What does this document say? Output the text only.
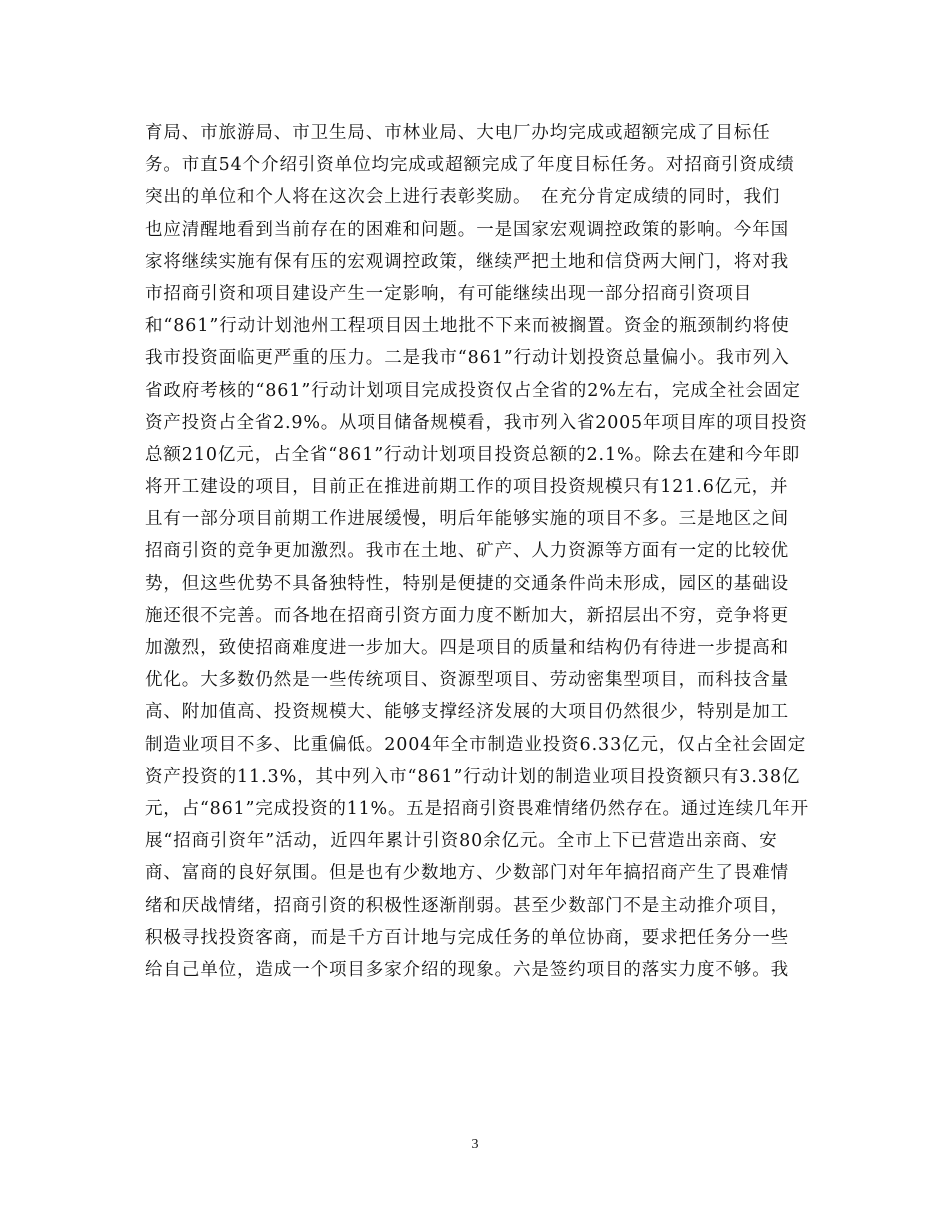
育局、市旅游局、市卫生局、市林业局、大电厂办均完成或超额完成了目标任
务。市直54个介绍引资单位均完成或超额完成了年度目标任务。对招商引资成绩
突出的单位和个人将在这次会上进行表彰奖励。　在充分肯定成绩的同时，我们
也应清醒地看到当前存在的困难和问题。一是国家宏观调控政策的影响。今年国
家将继续实施有保有压的宏观调控政策，继续严把土地和信贷两大闸门，将对我
市招商引资和项目建设产生一定影响，有可能继续出现一部分招商引资项目
和“861”行动计划池州工程项目因土地批不下来而被搁置。资金的瓶颈制约将使
我市投资面临更严重的压力。二是我市“861”行动计划投资总量偏小。我市列入
省政府考核的“861”行动计划项目完成投资仅占全省的2%左右，完成全社会固定
资产投资占全省2.9%。从项目储备规模看，我市列入省2005年项目库的项目投资
总额210亿元，占全省“861”行动计划项目投资总额的2.1%。除去在建和今年即
将开工建设的项目，目前正在推进前期工作的项目投资规模只有121.6亿元，并
且有一部分项目前期工作进展缓慢，明后年能够实施的项目不多。三是地区之间
招商引资的竞争更加激烈。我市在土地、矿产、人力资源等方面有一定的比较优
势，但这些优势不具备独特性，特别是便捷的交通条件尚未形成，园区的基础设
施还很不完善。而各地在招商引资方面力度不断加大，新招层出不穷，竞争将更
加激烈，致使招商难度进一步加大。四是项目的质量和结构仍有待进一步提高和
优化。大多数仍然是一些传统项目、资源型项目、劳动密集型项目，而科技含量
高、附加值高、投资规模大、能够支撑经济发展的大项目仍然很少，特别是加工
制造业项目不多、比重偏低。2004年全市制造业投资6.33亿元，仅占全社会固定
资产投资的11.3%，其中列入市“861”行动计划的制造业项目投资额只有3.38亿
元，占“861”完成投资的11%。五是招商引资畏难情绪仍然存在。通过连续几年开
展“招商引资年”活动，近四年累计引资80余亿元。全市上下已营造出亲商、安
商、富商的良好氛围。但是也有少数地方、少数部门对年年搞招商产生了畏难情
绪和厌战情绪，招商引资的积极性逐渐削弱。甚至少数部门不是主动推介项目，
积极寻找投资客商，而是千方百计地与完成任务的单位协商，要求把任务分一些
给自己单位，造成一个项目多家介绍的现象。六是签约项目的落实力度不够。我
3
